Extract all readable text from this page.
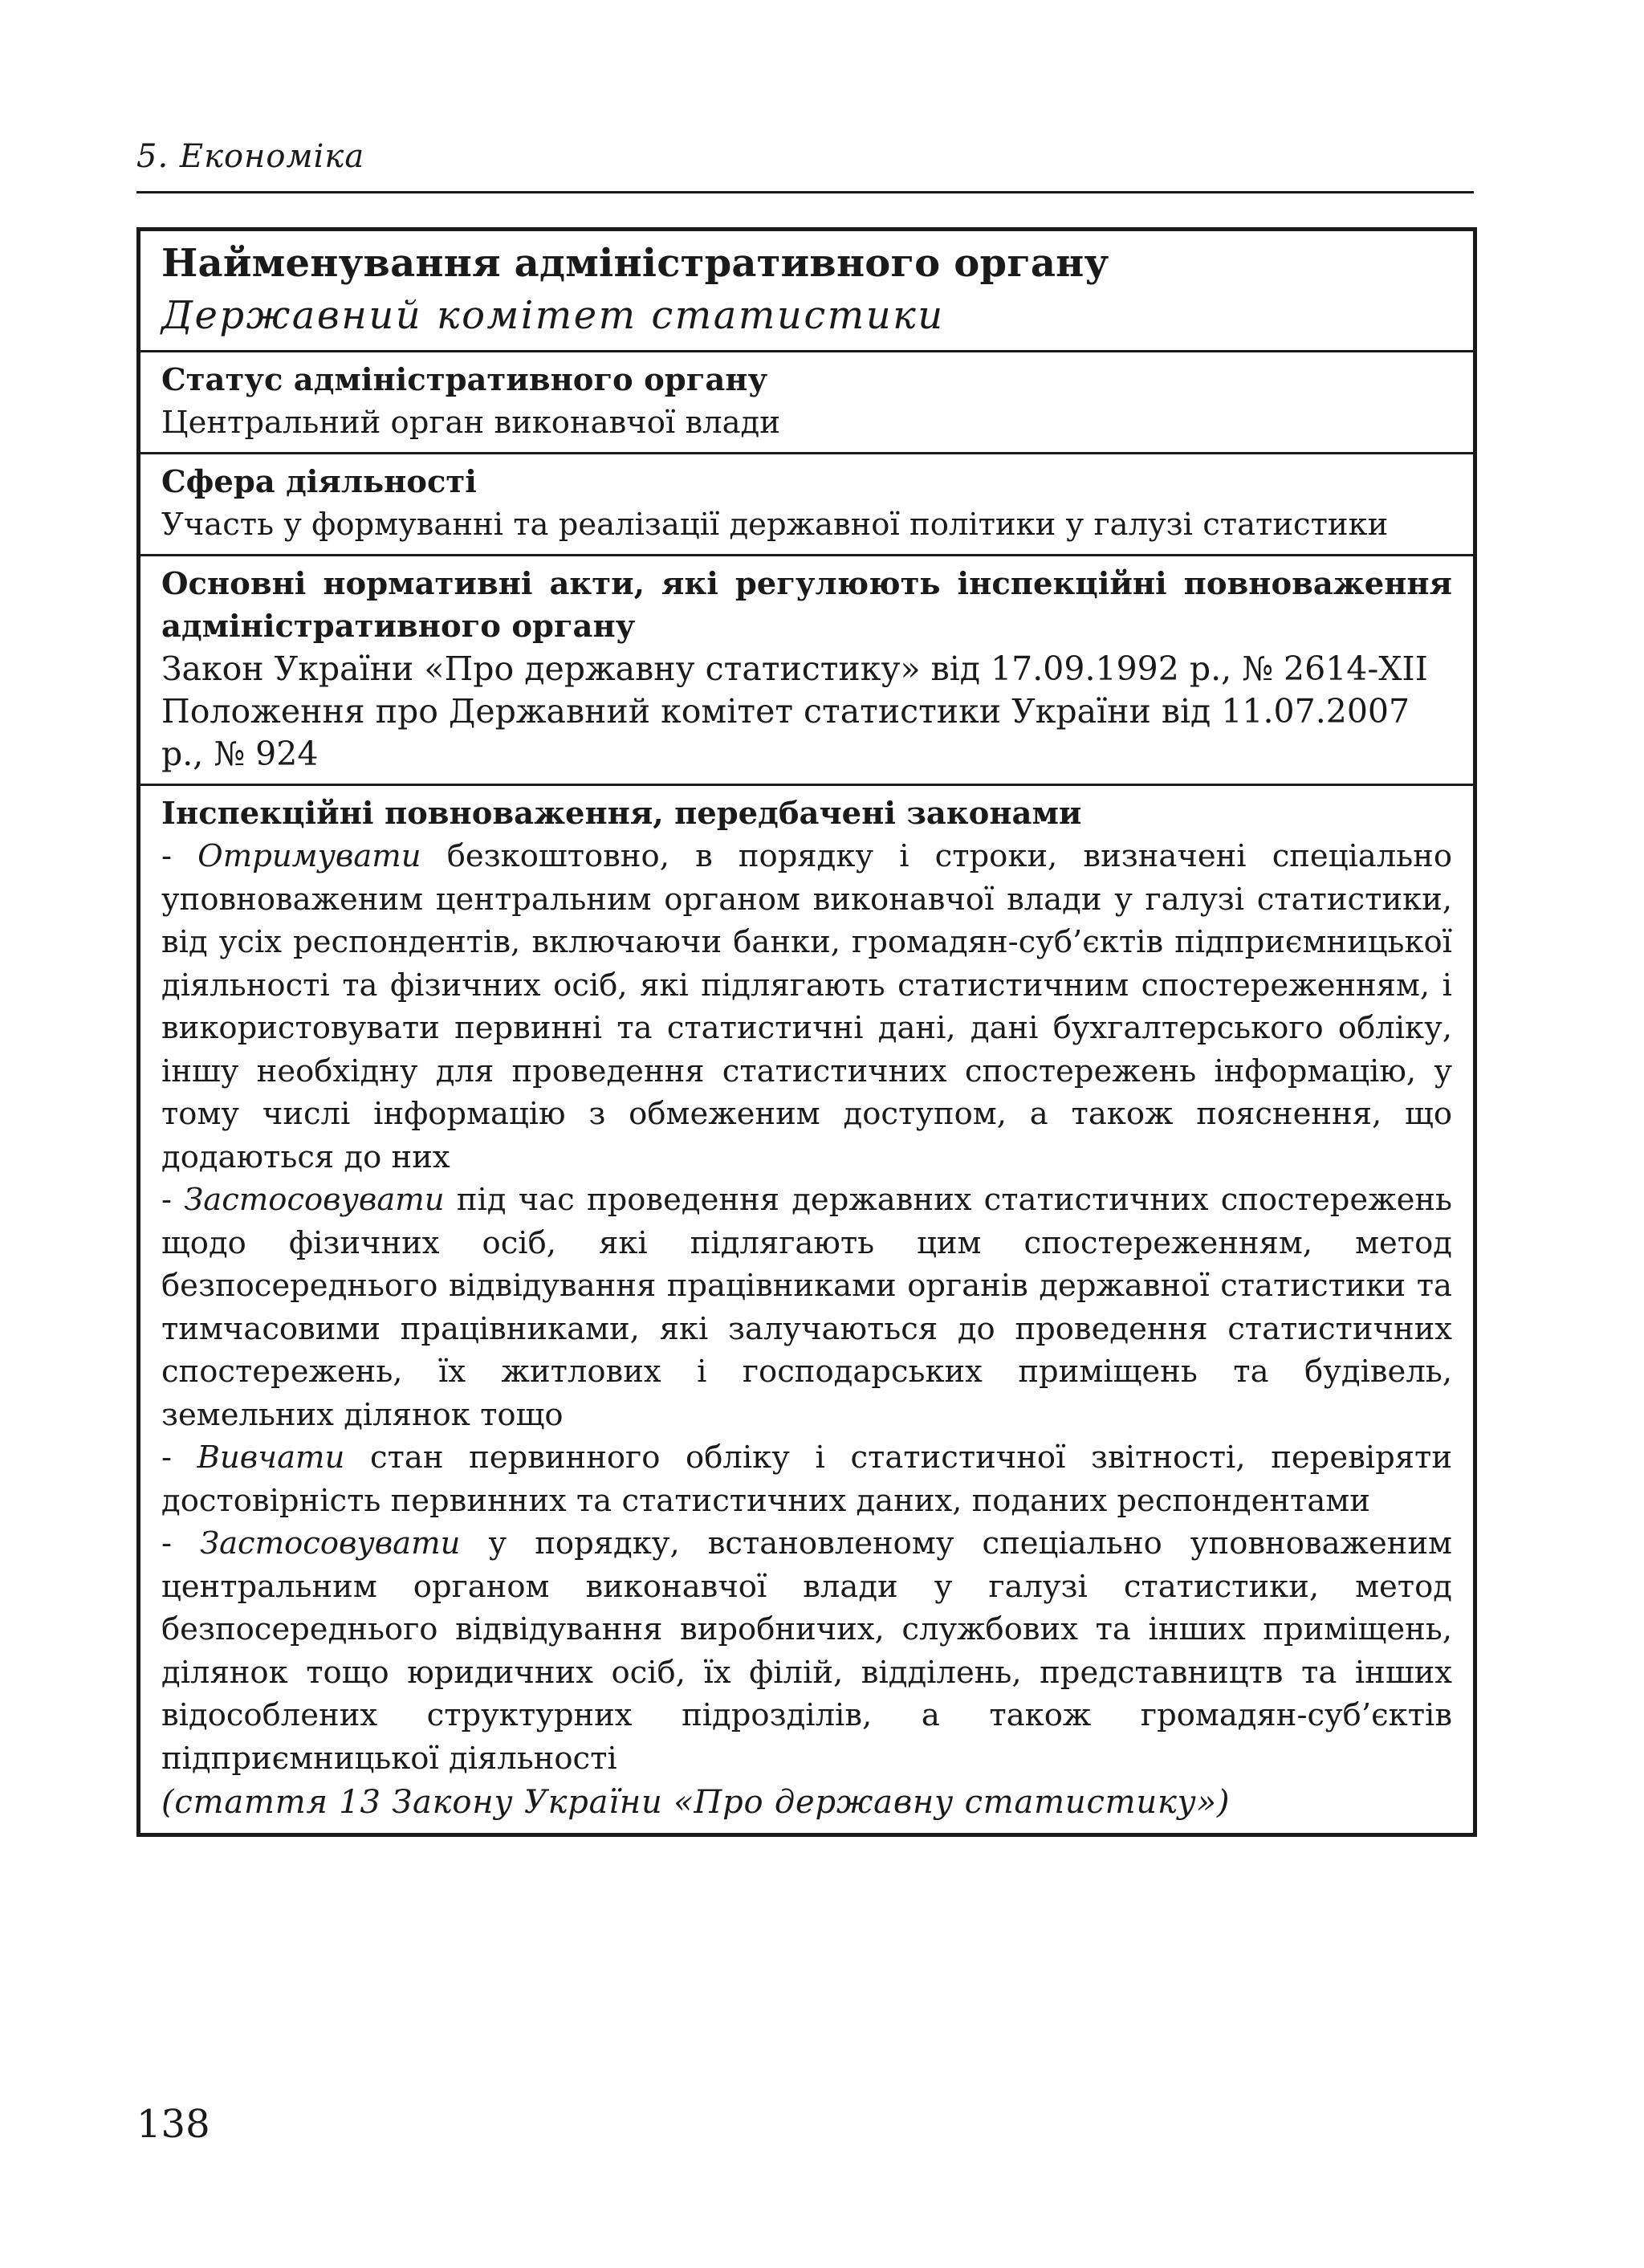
5. Економіка
Найменування адміністративного органу
Державний комітет статистики
Статус адміністративного органу
Центральний орган виконавчої влади
Сфера діяльності
Участь у формуванні та реалізації державної політики у галузі статистики
Основні нормативні акти, які регулюють інспекційні повноваження адміністративного органу
Закон України «Про державну статистику» від 17.09.1992 р., № 2614-XII
Положення про Державний комітет статистики України від 11.07.2007 р., № 924
Інспекційні повноваження, передбачені законами

- Отримувати безкоштовно, в порядку і строки, визначені спеціально уповноваженим центральним органом виконавчої влади у галузі статистики, від усіх респондентів, включаючи банки, громадян-суб’єктів підприємницької діяльності та фізичних осіб, які підлягають статистичним спостереженням, і використовувати первинні та статистичні дані, дані бухгалтерського обліку, іншу необхідну для проведення статистичних спостережень інформацію, у тому числі інформацію з обмеженим доступом, а також пояснення, що додаються до них

- Застосовувати під час проведення державних статистичних спостережень щодо фізичних осіб, які підлягають цим спостереженням, метод безпосереднього відвідування працівниками органів державної статистики та тимчасовими працівниками, які залучаються до проведення статистичних спостережень, їх житлових і господарських приміщень та будівель, земельних ділянок тощо

- Вивчати стан первинного обліку і статистичної звітності, перевіряти достовірність первинних та статистичних даних, поданих респондентами

- Застосовувати у порядку, встановленому спеціально уповноваженим центральним органом виконавчої влади у галузі статистики, метод безпосереднього відвідування виробничих, службових та інших приміщень, ділянок тощо юридичних осіб, їх філій, відділень, представництв та інших відособлених структурних підрозділів, а також громадян-суб’єктів підприємницької діяльності

(стаття 13 Закону України «Про державну статистику»)
138
